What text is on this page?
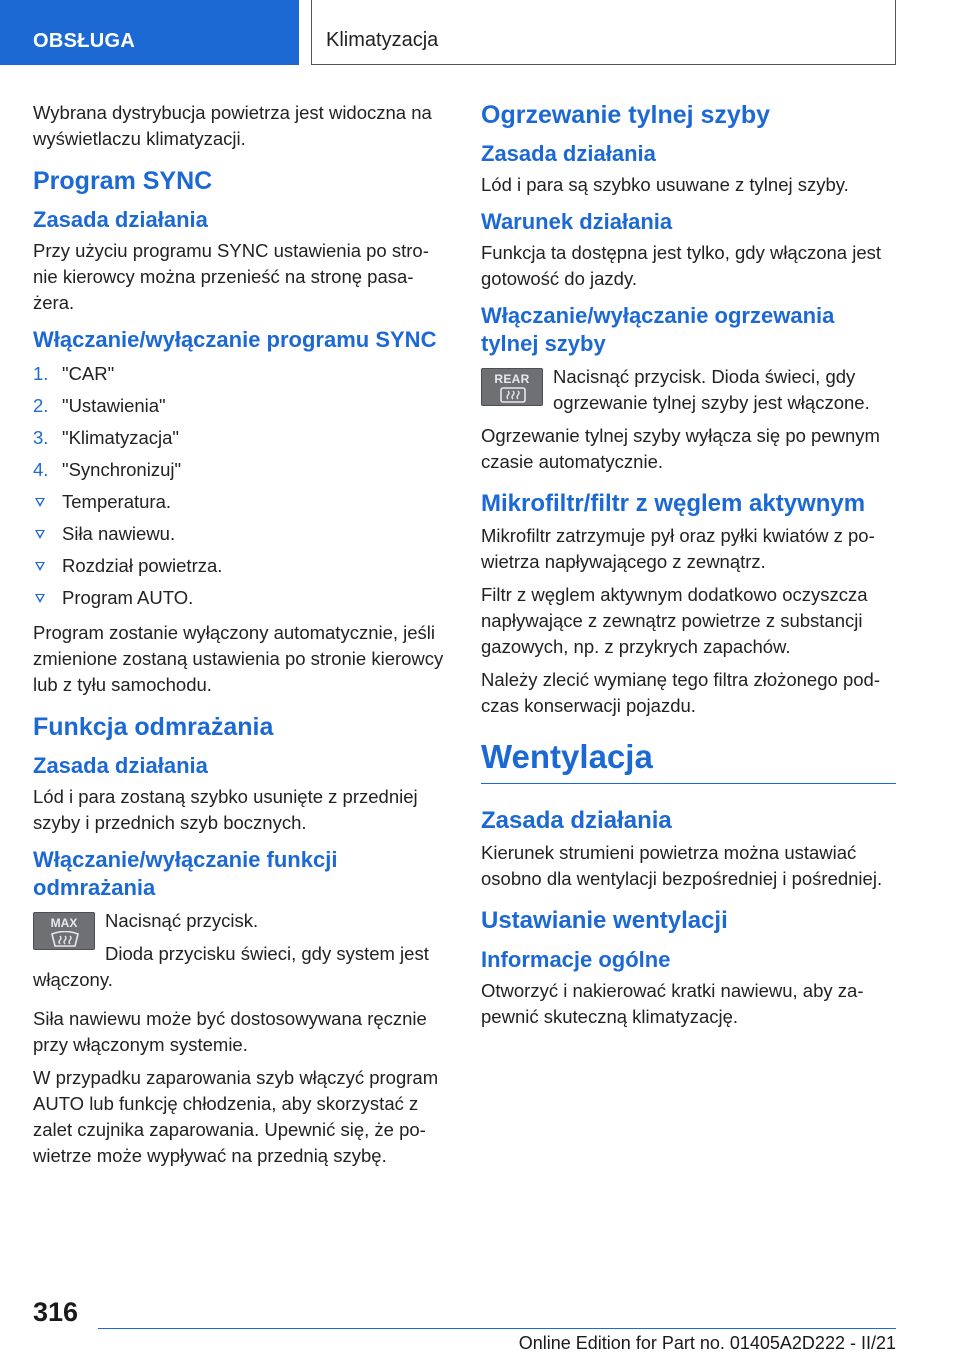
OBSŁUGA	Klimatyzacja

Wybrana dystrybucja powietrza jest widoczna na wyświetlaczu klimatyzacji.

Program SYNC
Zasada działania

Przy użyciu programu SYNC ustawienia po stronie kierowcy można przenieść na stronę pasażera.

Włączanie/wyłączanie programu SYNC
1. "CAR"
2. "Ustawienia"
3. "Klimatyzacja"
4. "Synchronizuj"
Temperatura.
Siła nawiewu.
Rozdział powietrza.
Program AUTO.

Program zostanie wyłączony automatycznie, jeśli zmienione zostaną ustawienia po stronie kierowcy lub z tyłu samochodu.

Funkcja odmrażania
Zasada działania

Lód i para zostaną szybko usunięte z przedniej szyby i przednich szyb bocznych.

Włączanie/wyłączanie funkcji odmrażania
MAX	Nacisnąć przycisk.

Dioda przycisku świeci, gdy system jest włączony.

Siła nawiewu może być dostosowywana ręcznie przy włączonym systemie.

W przypadku zaparowania szyb włączyć program AUTO lub funkcję chłodzenia, aby skorzystać z zalet czujnika zaparowania. Upewnić się, że powietrze może wypływać na przednią szybę.

Ogrzewanie tylnej szyby
Zasada działania

Lód i para są szybko usuwane z tylnej szyby.

Warunek działania

Funkcja ta dostępna jest tylko, gdy włączona jest gotowość do jazdy.

Włączanie/wyłączanie ogrzewania tylnej szyby
REAR	Nacisnąć przycisk. Dioda świeci, gdy ogrzewanie tylnej szyby jest włączone.

Ogrzewanie tylnej szyby wyłącza się po pewnym czasie automatycznie.

Mikrofiltr/filtr z węglem aktywnym

Mikrofiltr zatrzymuje pył oraz pyłki kwiatów z powietrza napływającego z zewnątrz.

Filtr z węglem aktywnym dodatkowo oczyszcza napływające z zewnątrz powietrze z substancji gazowych, np. z przykrych zapachów.

Należy zlecić wymianę tego filtra złożonego podczas konserwacji pojazdu.

Wentylacja
Zasada działania

Kierunek strumieni powietrza można ustawiać osobno dla wentylacji bezpośredniej i pośredniej.

Ustawianie wentylacji
Informacje ogólne

Otworzyć i nakierować kratki nawiewu, aby zapewnić skuteczną klimatyzację.

316
Online Edition for Part no. 01405A2D222 - II/21
